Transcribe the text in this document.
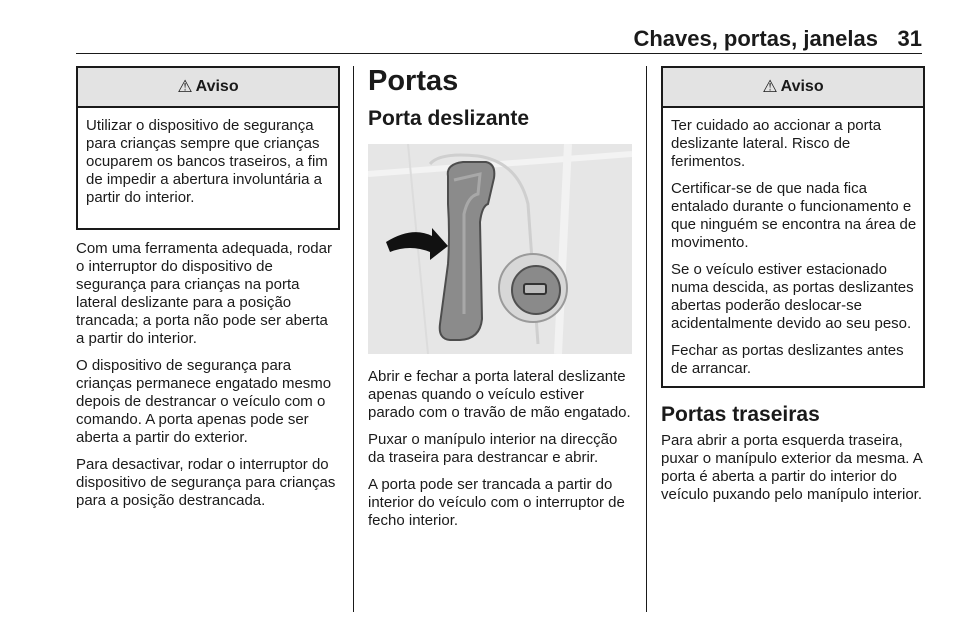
Chaves, portas, janelas 31
⚠ Aviso

Utilizar o dispositivo de segurança para crianças sempre que crianças ocuparem os bancos traseiros, a fim de impedir a abertura involuntária a partir do interior.

Com uma ferramenta adequada, rodar o interruptor do dispositivo de segurança para crianças na porta lateral deslizante para a posição trancada; a porta não pode ser aberta a partir do interior.

O dispositivo de segurança para crianças permanece engatado mesmo depois de destrancar o veículo com o comando. A porta apenas pode ser aberta a partir do exterior.

Para desactivar, rodar o interruptor do dispositivo de segurança para crianças para a posição destrancada.

Portas
Porta deslizante

Abrir e fechar a porta lateral deslizante apenas quando o veículo estiver parado com o travão de mão engatado.

Puxar o manípulo interior na direcção da traseira para destrancar e abrir.

A porta pode ser trancada a partir do interior do veículo com o interruptor de fecho interior.

⚠ Aviso

Ter cuidado ao accionar a porta deslizante lateral. Risco de ferimentos.

Certificar-se de que nada fica entalado durante o funcionamento e que ninguém se encontra na área de movimento.

Se o veículo estiver estacionado numa descida, as portas deslizantes abertas poderão deslocar-se acidentalmente devido ao seu peso.

Fechar as portas deslizantes antes de arrancar.

Portas traseiras

Para abrir a porta esquerda traseira, puxar o manípulo exterior da mesma. A porta é aberta a partir do interior do veículo puxando pelo manípulo interior.
